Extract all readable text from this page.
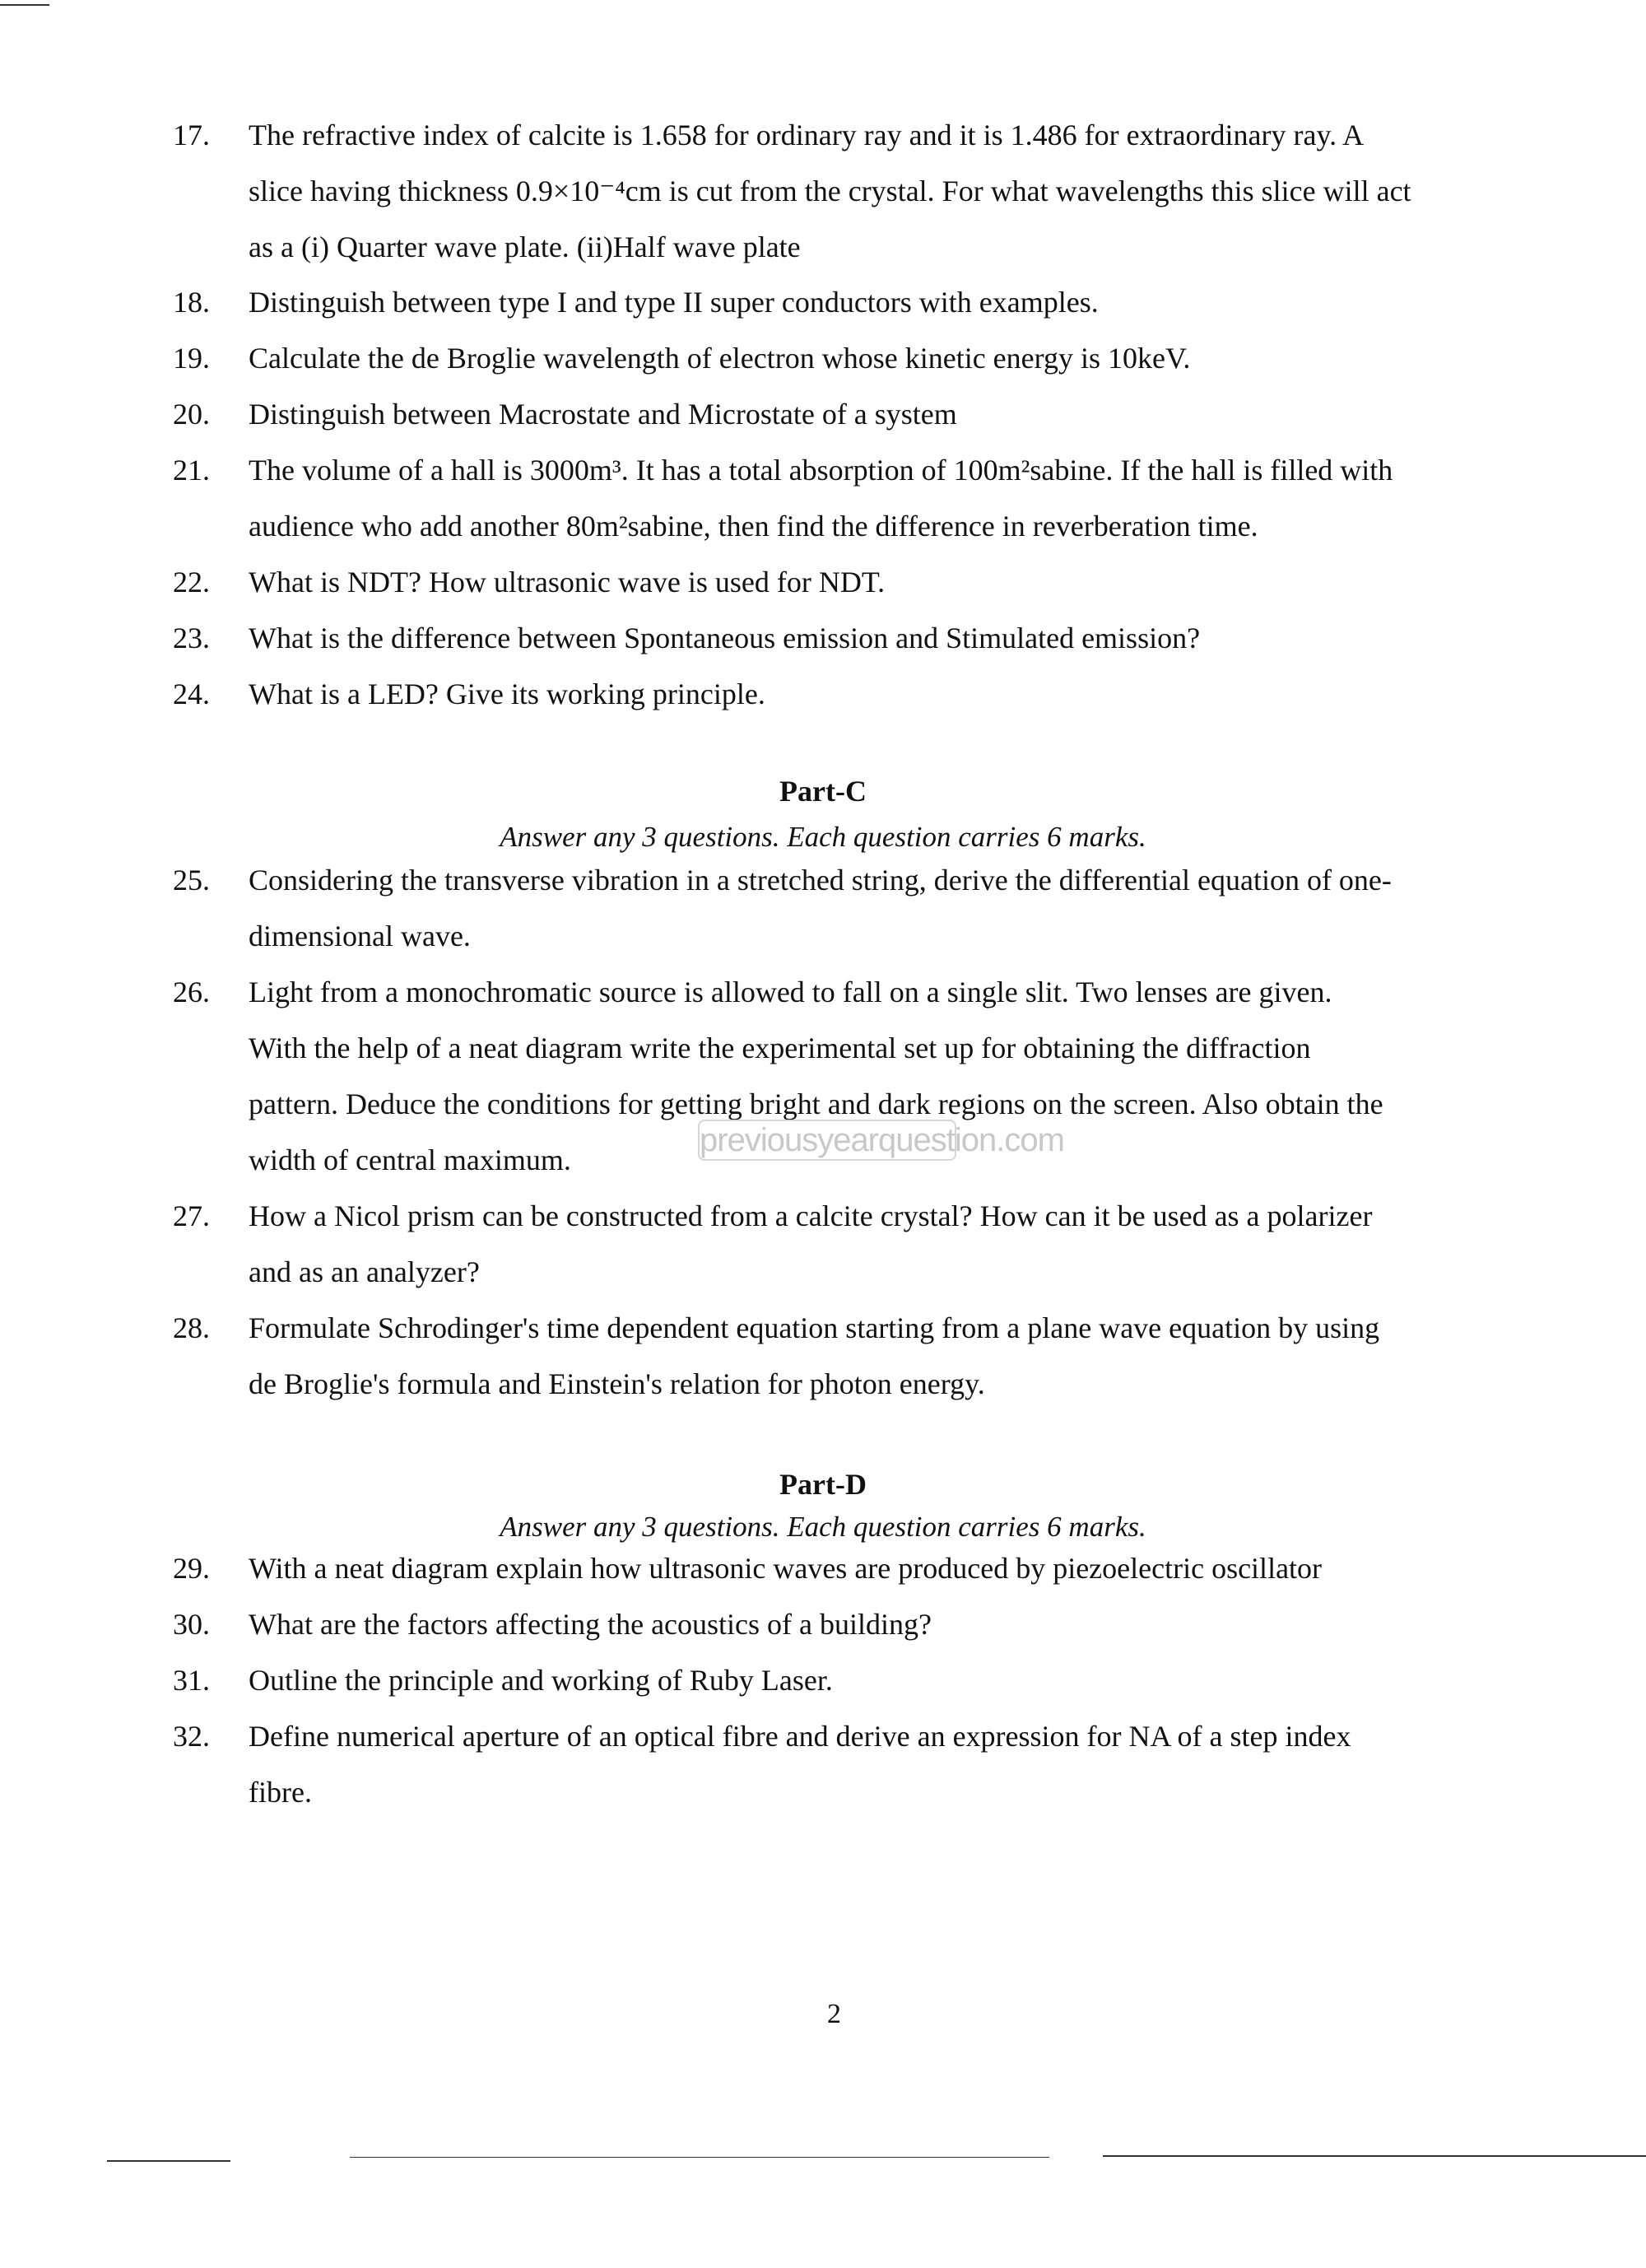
17. The refractive index of calcite is 1.658 for ordinary ray and it is 1.486 for extraordinary ray. A
slice having thickness 0.9×10⁻⁴cm is cut from the crystal. For what wavelengths this slice will act
as a (i) Quarter wave plate. (ii)Half wave plate
18. Distinguish between type I and type II super conductors with examples.
19. Calculate the de Broglie wavelength of electron whose kinetic energy is 10keV.
20. Distinguish between Macrostate and Microstate of a system
21. The volume of a hall is 3000m³. It has a total absorption of 100m²sabine. If the hall is filled with
audience who add another 80m²sabine, then find the difference in reverberation time.
22. What is NDT? How ultrasonic wave is used for NDT.
23. What is the difference between Spontaneous emission and Stimulated emission?
24. What is a LED? Give its working principle.
Part-C
Answer any 3 questions. Each question carries 6 marks.
25. Considering the transverse vibration in a stretched string, derive the differential equation of one-
dimensional wave.
26. Light from a monochromatic source is allowed to fall on a single slit. Two lenses are given.
With the help of a neat diagram write the experimental set up for obtaining the diffraction
pattern. Deduce the conditions for getting bright and dark regions on the screen. Also obtain the
width of central maximum.
previousyearquestion.com
27. How a Nicol prism can be constructed from a calcite crystal? How can it be used as a polarizer
and as an analyzer?
28. Formulate Schrodinger's time dependent equation starting from a plane wave equation by using
de Broglie's formula and Einstein's relation for photon energy.
Part-D
Answer any 3 questions. Each question carries 6 marks.
29. With a neat diagram explain how ultrasonic waves are produced by piezoelectric oscillator
30. What are the factors affecting the acoustics of a building?
31. Outline the principle and working of Ruby Laser.
32. Define numerical aperture of an optical fibre and derive an expression for NA of a step index
fibre.
2
